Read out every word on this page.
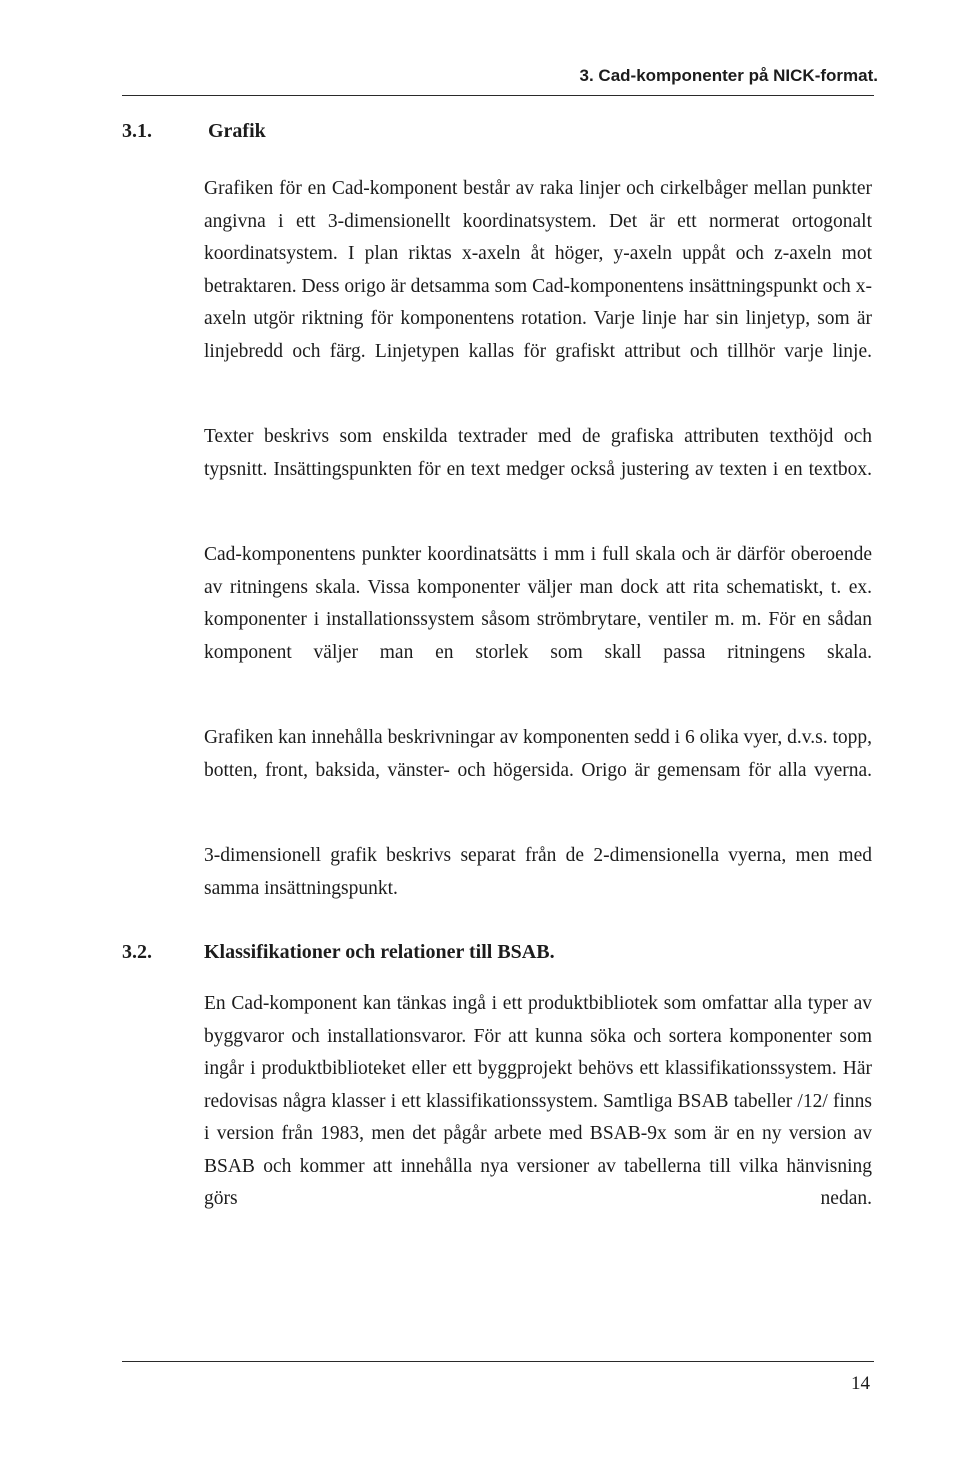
3. Cad-komponenter på NICK-format.
3.1.	Grafik

Grafiken för en Cad-komponent består av raka linjer och cirkelbåger mellan punkter angivna i ett 3-dimensionellt koordinatsystem. Det är ett normerat ortogonalt koordinatsystem. I plan riktas x-axeln åt höger, y-axeln uppåt och z-axeln mot betraktaren. Dess origo är detsamma som Cad-komponentens insättningspunkt och x-axeln utgör riktning för komponentens rotation. Varje linje har sin linjetyp, som är linjebredd och färg. Linjetypen kallas för grafiskt attribut och tillhör varje linje.

Texter beskrivs som enskilda textrader med de grafiska attributen texthöjd och typsnitt. Insättingspunkten för en text medger också justering av texten i en textbox.

Cad-komponentens punkter koordinatsätts i mm i full skala och är därför oberoende av ritningens skala. Vissa komponenter väljer man dock att rita schematiskt, t. ex. komponenter i installationssystem såsom strömbrytare, ventiler m. m. För en sådan komponent väljer man en storlek som skall passa ritningens skala.

Grafiken kan innehålla beskrivningar av komponenten sedd i 6 olika vyer, d.v.s. topp, botten, front, baksida, vänster- och högersida. Origo är gemensam för alla vyerna.

3-dimensionell grafik beskrivs separat från de 2-dimensionella vyerna, men med samma insättningspunkt.

3.2.	Klassifikationer och relationer till BSAB.

En Cad-komponent kan tänkas ingå i ett produktbibliotek som omfattar alla typer av byggvaror och installationsvaror. För att kunna söka och sortera komponenter som ingår i produktbiblioteket eller ett byggprojekt behövs ett klassifikationssystem. Här redovisas några klasser i ett klassifikationssystem. Samtliga BSAB tabeller /12/ finns i version från 1983, men det pågår arbete med BSAB-9x som är en ny version av BSAB och kommer att innehålla nya versioner av tabellerna till vilka hänvisning görs nedan.

14
